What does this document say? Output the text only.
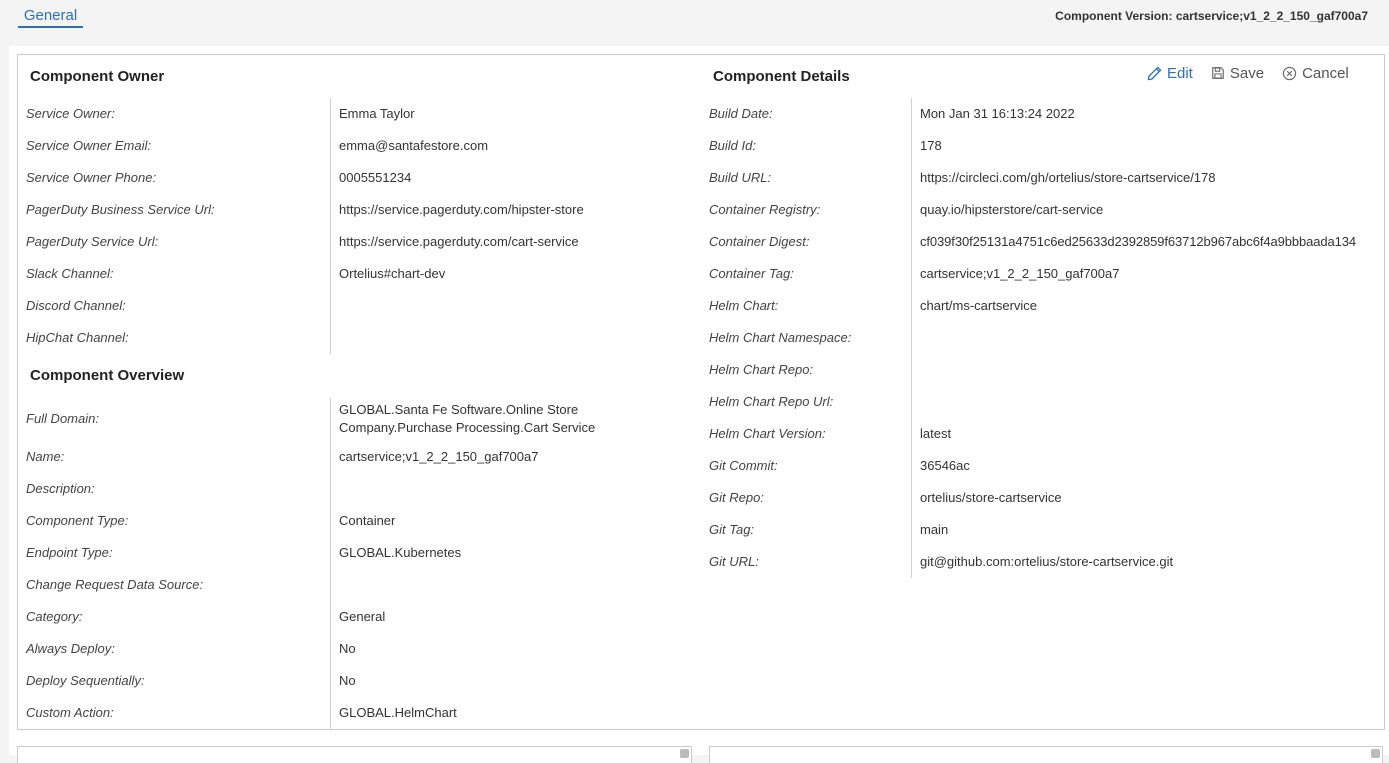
General	Component Version: cartservice;v1_2_2_150_gaf700a7
Component Owner
Component Overview
Component Details	Edit Save	Cancel
Service Owner:	Emma Taylor
Service Owner Email:	emma@santafestore.com
Service Owner Phone:	0005551234
PagerDuty Business Service Url:	https://service.pagerduty.com/hipster-store
PagerDuty Service Url:	https://service.pagerduty.com/cart-service
Slack Channel:	Ortelius#chart-dev
Discord Channel:
HipChat Channel:
Full Domain:
GLOBAL.Santa Fe Software.Online Store Company.Purchase Processing.Cart Service
Name:	cartservice;v1_2_2_150_gaf700a7
Description:
Component Type:	Container
Endpoint Type:	GLOBAL.Kubernetes
Change Request Data Source:
Category:	General
Always Deploy:	No
Deploy Sequentially:	No
Custom Action:	GLOBAL.HelmChart
Build Date:	Mon Jan 31 16:13:24 2022
Build Id:	178
Build URL:	https://circleci.com/gh/ortelius/store-cartservice/178
Container Registry:	quay.io/hipsterstore/cart-service
Container Digest:	cf039f30f25131a4751c6ed25633d2392859f63712b967abc6f4a9bbbaada134
Container Tag:	cartservice;v1_2_2_150_gaf700a7
Helm Chart:	chart/ms-cartservice
Helm Chart Namespace:
Helm Chart Repo:
Helm Chart Repo Url:
Helm Chart Version:	latest
Git Commit:	36546ac
Git Repo:	ortelius/store-cartservice
Git Tag:	main
Git URL:	git@github.com:ortelius/store-cartservice.git
